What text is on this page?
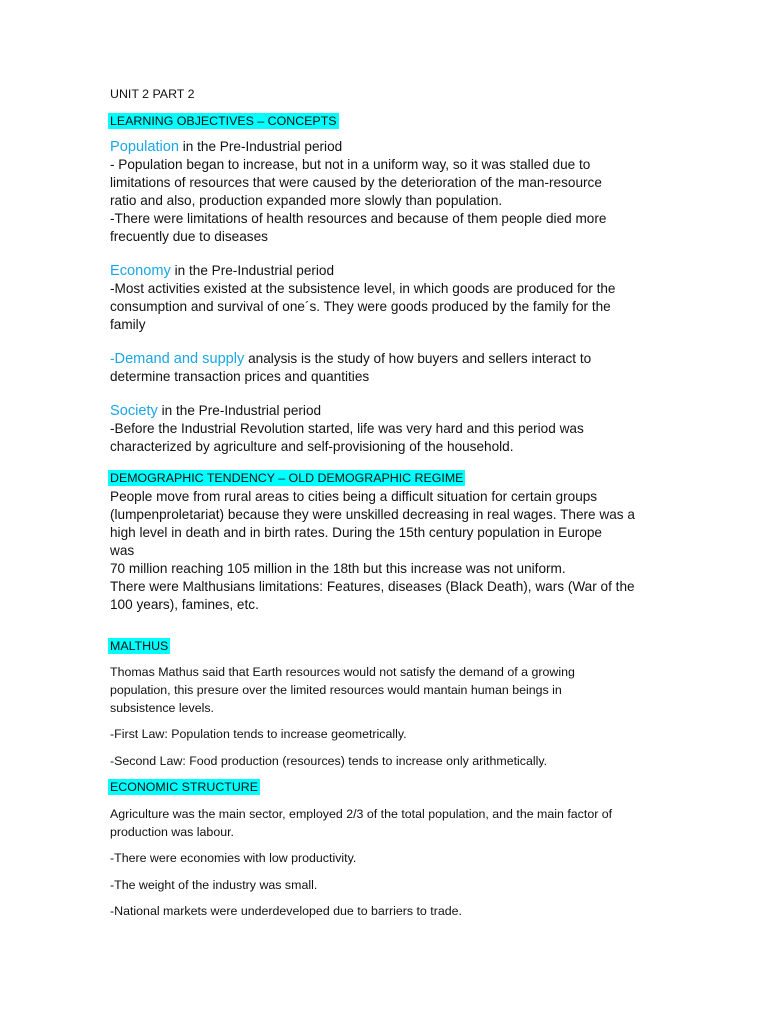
UNIT 2 PART 2

LEARNING OBJECTIVES – CONCEPTS

Population in the Pre-Industrial period

- Population began to increase, but not in a uniform way, so it was stalled due to

limitations of resources that were caused by the deterioration of the man-resource

ratio and also, production expanded more slowly than population.

-There were limitations of health resources and because of them people died more

frecuently due to diseases

Economy in the Pre-Industrial period

-Most activities existed at the subsistence level, in which goods are produced for the

consumption and survival of one´s. They were goods produced by the family for the

family

-Demand and supply analysis is the study of how buyers and sellers interact to

determine transaction prices and quantities

Society in the Pre-Industrial period

-Before the Industrial Revolution started, life was very hard and this period was

characterized by agriculture and self-provisioning of the household.

DEMOGRAPHIC TENDENCY – OLD DEMOGRAPHIC REGIME

People move from rural areas to cities being a difficult situation for certain groups

(lumpenproletariat) because they were unskilled decreasing in real wages. There was a

high level in death and in birth rates. During the 15th century population in Europe

was

70 million reaching 105 million in the 18th but this increase was not uniform.

There were Malthusians limitations: Features, diseases (Black Death), wars (War of the

100 years), famines, etc.

MALTHUS

Thomas Mathus said that Earth resources would not satisfy the demand of a growing

population, this presure over the limited resources would mantain human beings in

subsistence levels.

-First Law: Population tends to increase geometrically.

-Second Law: Food production (resources) tends to increase only arithmetically.

ECONOMIC STRUCTURE

Agriculture was the main sector, employed 2/3 of the total population, and the main factor of

production was labour.

-There were economies with low productivity.

-The weight of the industry was small.

-National markets were underdeveloped due to barriers to trade.
